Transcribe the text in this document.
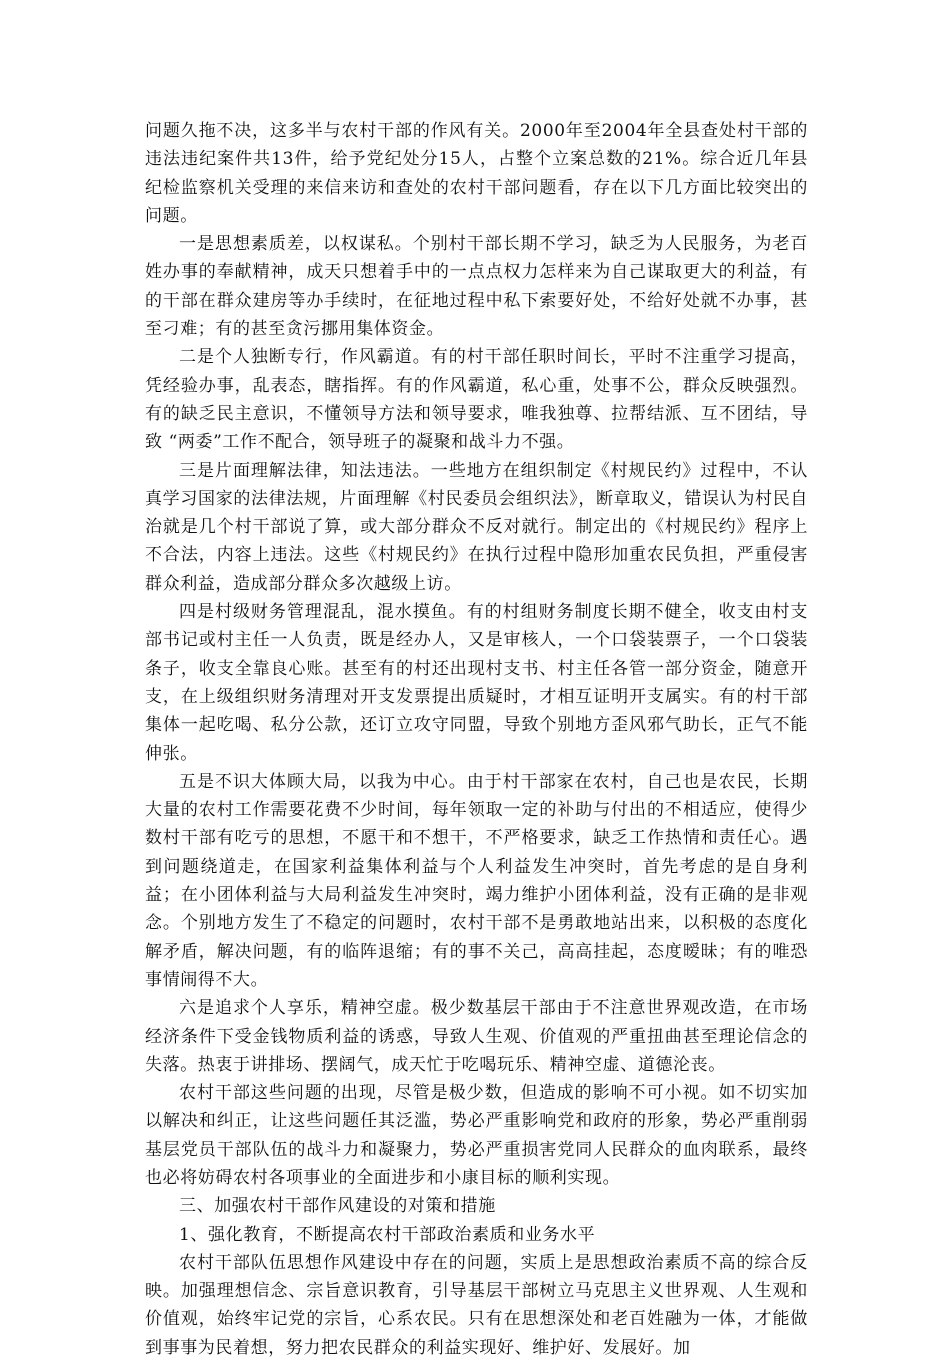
问题久拖不决，这多半与农村干部的作风有关。2000年至2004年全县查处村干部的违法违纪案件共13件，给予党纪处分15人，占整个立案总数的21%。综合近几年县纪检监察机关受理的来信来访和查处的农村干部问题看，存在以下几方面比较突出的问题。

一是思想素质差，以权谋私。个别村干部长期不学习，缺乏为人民服务，为老百姓办事的奉献精神，成天只想着手中的一点点权力怎样来为自己谋取更大的利益，有的干部在群众建房等办手续时，在征地过程中私下索要好处，不给好处就不办事，甚至刁难；有的甚至贪污挪用集体资金。

二是个人独断专行，作风霸道。有的村干部任职时间长，平时不注重学习提高，凭经验办事，乱表态，瞎指挥。有的作风霸道，私心重，处事不公，群众反映强烈。有的缺乏民主意识，不懂领导方法和领导要求，唯我独尊、拉帮结派、互不团结，导致 “两委”工作不配合，领导班子的凝聚和战斗力不强。

三是片面理解法律，知法违法。一些地方在组织制定《村规民约》过程中，不认真学习国家的法律法规，片面理解《村民委员会组织法》，断章取义，错误认为村民自治就是几个村干部说了算，或大部分群众不反对就行。制定出的《村规民约》程序上不合法，内容上违法。这些《村规民约》在执行过程中隐形加重农民负担，严重侵害群众利益，造成部分群众多次越级上访。

四是村级财务管理混乱，混水摸鱼。有的村组财务制度长期不健全，收支由村支部书记或村主任一人负责，既是经办人，又是审核人，一个口袋装票子，一个口袋装条子，收支全靠良心账。甚至有的村还出现村支书、村主任各管一部分资金，随意开支，在上级组织财务清理对开支发票提出质疑时，才相互证明开支属实。有的村干部集体一起吃喝、私分公款，还订立攻守同盟，导致个别地方歪风邪气助长，正气不能伸张。

五是不识大体顾大局，以我为中心。由于村干部家在农村，自己也是农民，长期大量的农村工作需要花费不少时间，每年领取一定的补助与付出的不相适应，使得少数村干部有吃亏的思想，不愿干和不想干，不严格要求，缺乏工作热情和责任心。遇到问题绕道走，在国家利益集体利益与个人利益发生冲突时，首先考虑的是自身利益；在小团体利益与大局利益发生冲突时，竭力维护小团体利益，没有正确的是非观念。个别地方发生了不稳定的问题时，农村干部不是勇敢地站出来，以积极的态度化解矛盾，解决问题，有的临阵退缩；有的事不关己，高高挂起，态度暧昧；有的唯恐事情闹得不大。

六是追求个人享乐，精神空虚。极少数基层干部由于不注意世界观改造，在市场经济条件下受金钱物质利益的诱惑，导致人生观、价值观的严重扭曲甚至理论信念的失落。热衷于讲排场、摆阔气，成天忙于吃喝玩乐、精神空虚、道德沦丧。

农村干部这些问题的出现，尽管是极少数，但造成的影响不可小视。如不切实加以解决和纠正，让这些问题任其泛滥，势必严重影响党和政府的形象，势必严重削弱基层党员干部队伍的战斗力和凝聚力，势必严重损害党同人民群众的血肉联系，最终也必将妨碍农村各项事业的全面进步和小康目标的顺利实现。

三、加强农村干部作风建设的对策和措施

1、强化教育，不断提高农村干部政治素质和业务水平

农村干部队伍思想作风建设中存在的问题，实质上是思想政治素质不高的综合反映。加强理想信念、宗旨意识教育，引导基层干部树立马克思主义世界观、人生观和价值观，始终牢记党的宗旨，心系农民。只有在思想深处和老百姓融为一体，才能做到事事为民着想，努力把农民群众的利益实现好、维护好、发展好。加
